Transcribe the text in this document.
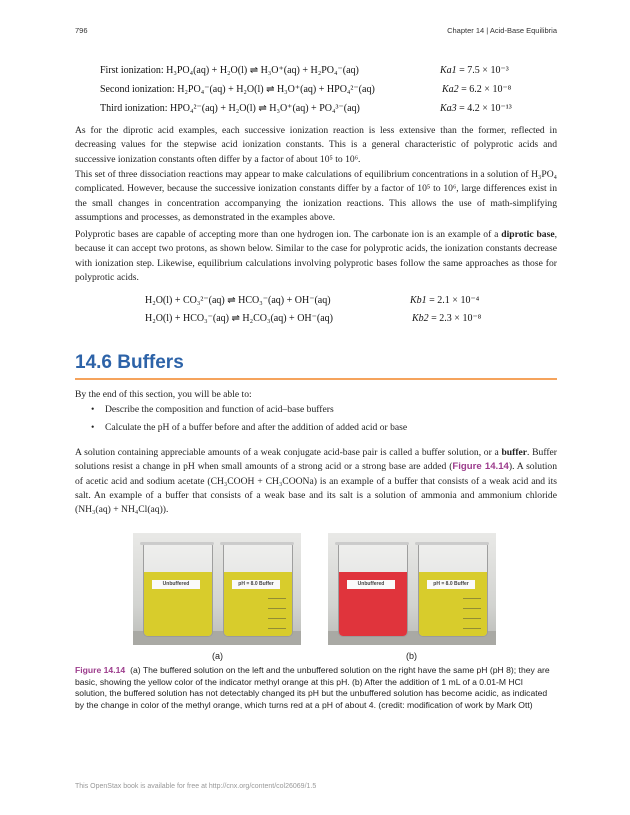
796	Chapter 14 | Acid-Base Equilibria
First ionization: H₃PO₄(aq) + H₂O(l) ⇌ H₃O⁺(aq) + H₂PO₄⁻(aq)	Ka1 = 7.5 × 10⁻³
Second ionization: H₂PO₄⁻(aq) + H₂O(l) ⇌ H₃O⁺(aq) + HPO₄²⁻(aq)	Ka2 = 6.2 × 10⁻⁸
Third ionization: HPO₄²⁻(aq) + H₂O(l) ⇌ H₃O⁺(aq) + PO₄³⁻(aq)	Ka3 = 4.2 × 10⁻¹³

As for the diprotic acid examples, each successive ionization reaction is less extensive than the former, reflected in decreasing values for the stepwise acid ionization constants. This is a general characteristic of polyprotic acids and successive ionization constants often differ by a factor of about 10⁵ to 10⁶.

This set of three dissociation reactions may appear to make calculations of equilibrium concentrations in a solution of H₃PO₄ complicated. However, because the successive ionization constants differ by a factor of 10⁵ to 10⁶, large differences exist in the small changes in concentration accompanying the ionization reactions. This allows the use of math-simplifying assumptions and processes, as demonstrated in the examples above.

Polyprotic bases are capable of accepting more than one hydrogen ion. The carbonate ion is an example of a diprotic base, because it can accept two protons, as shown below. Similar to the case for polyprotic acids, the ionization constants decrease with ionization step. Likewise, equilibrium calculations involving polyprotic bases follow the same approaches as those for polyprotic acids.

H₂O(l) + CO₃²⁻(aq) ⇌ HCO₃⁻(aq) + OH⁻(aq)	Kb1 = 2.1 × 10⁻⁴
H₂O(l) + HCO₃⁻(aq) ⇌ H₂CO₃(aq) + OH⁻(aq)	Kb2 = 2.3 × 10⁻⁸
14.6 Buffers

By the end of this section, you will be able to:

• Describe the composition and function of acid–base buffers
• Calculate the pH of a buffer before and after the addition of added acid or base

A solution containing appreciable amounts of a weak conjugate acid-base pair is called a buffer solution, or a buffer. Buffer solutions resist a change in pH when small amounts of a strong acid or a strong base are added (Figure 14.14). A solution of acetic acid and sodium acetate (CH₃COOH + CH₃COONa) is an example of a buffer that consists of a weak acid and its salt. An example of a buffer that consists of a weak base and its salt is a solution of ammonia and ammonium chloride (NH₃(aq) + NH₄Cl(aq)).

Unbuffered	pH = 8.0 Buffer	Unbuffered	pH = 8.0 Buffer
(a)	(b)
Figure 14.14 (a) The buffered solution on the left and the unbuffered solution on the right have the same pH (pH 8); they are basic, showing the yellow color of the indicator methyl orange at this pH. (b) After the addition of 1 mL of a 0.01-M HCl solution, the buffered solution has not detectably changed its pH but the unbuffered solution has become acidic, as indicated by the change in color of the methyl orange, which turns red at a pH of about 4. (credit: modification of work by Mark Ott)
This OpenStax book is available for free at http://cnx.org/content/col26069/1.5
